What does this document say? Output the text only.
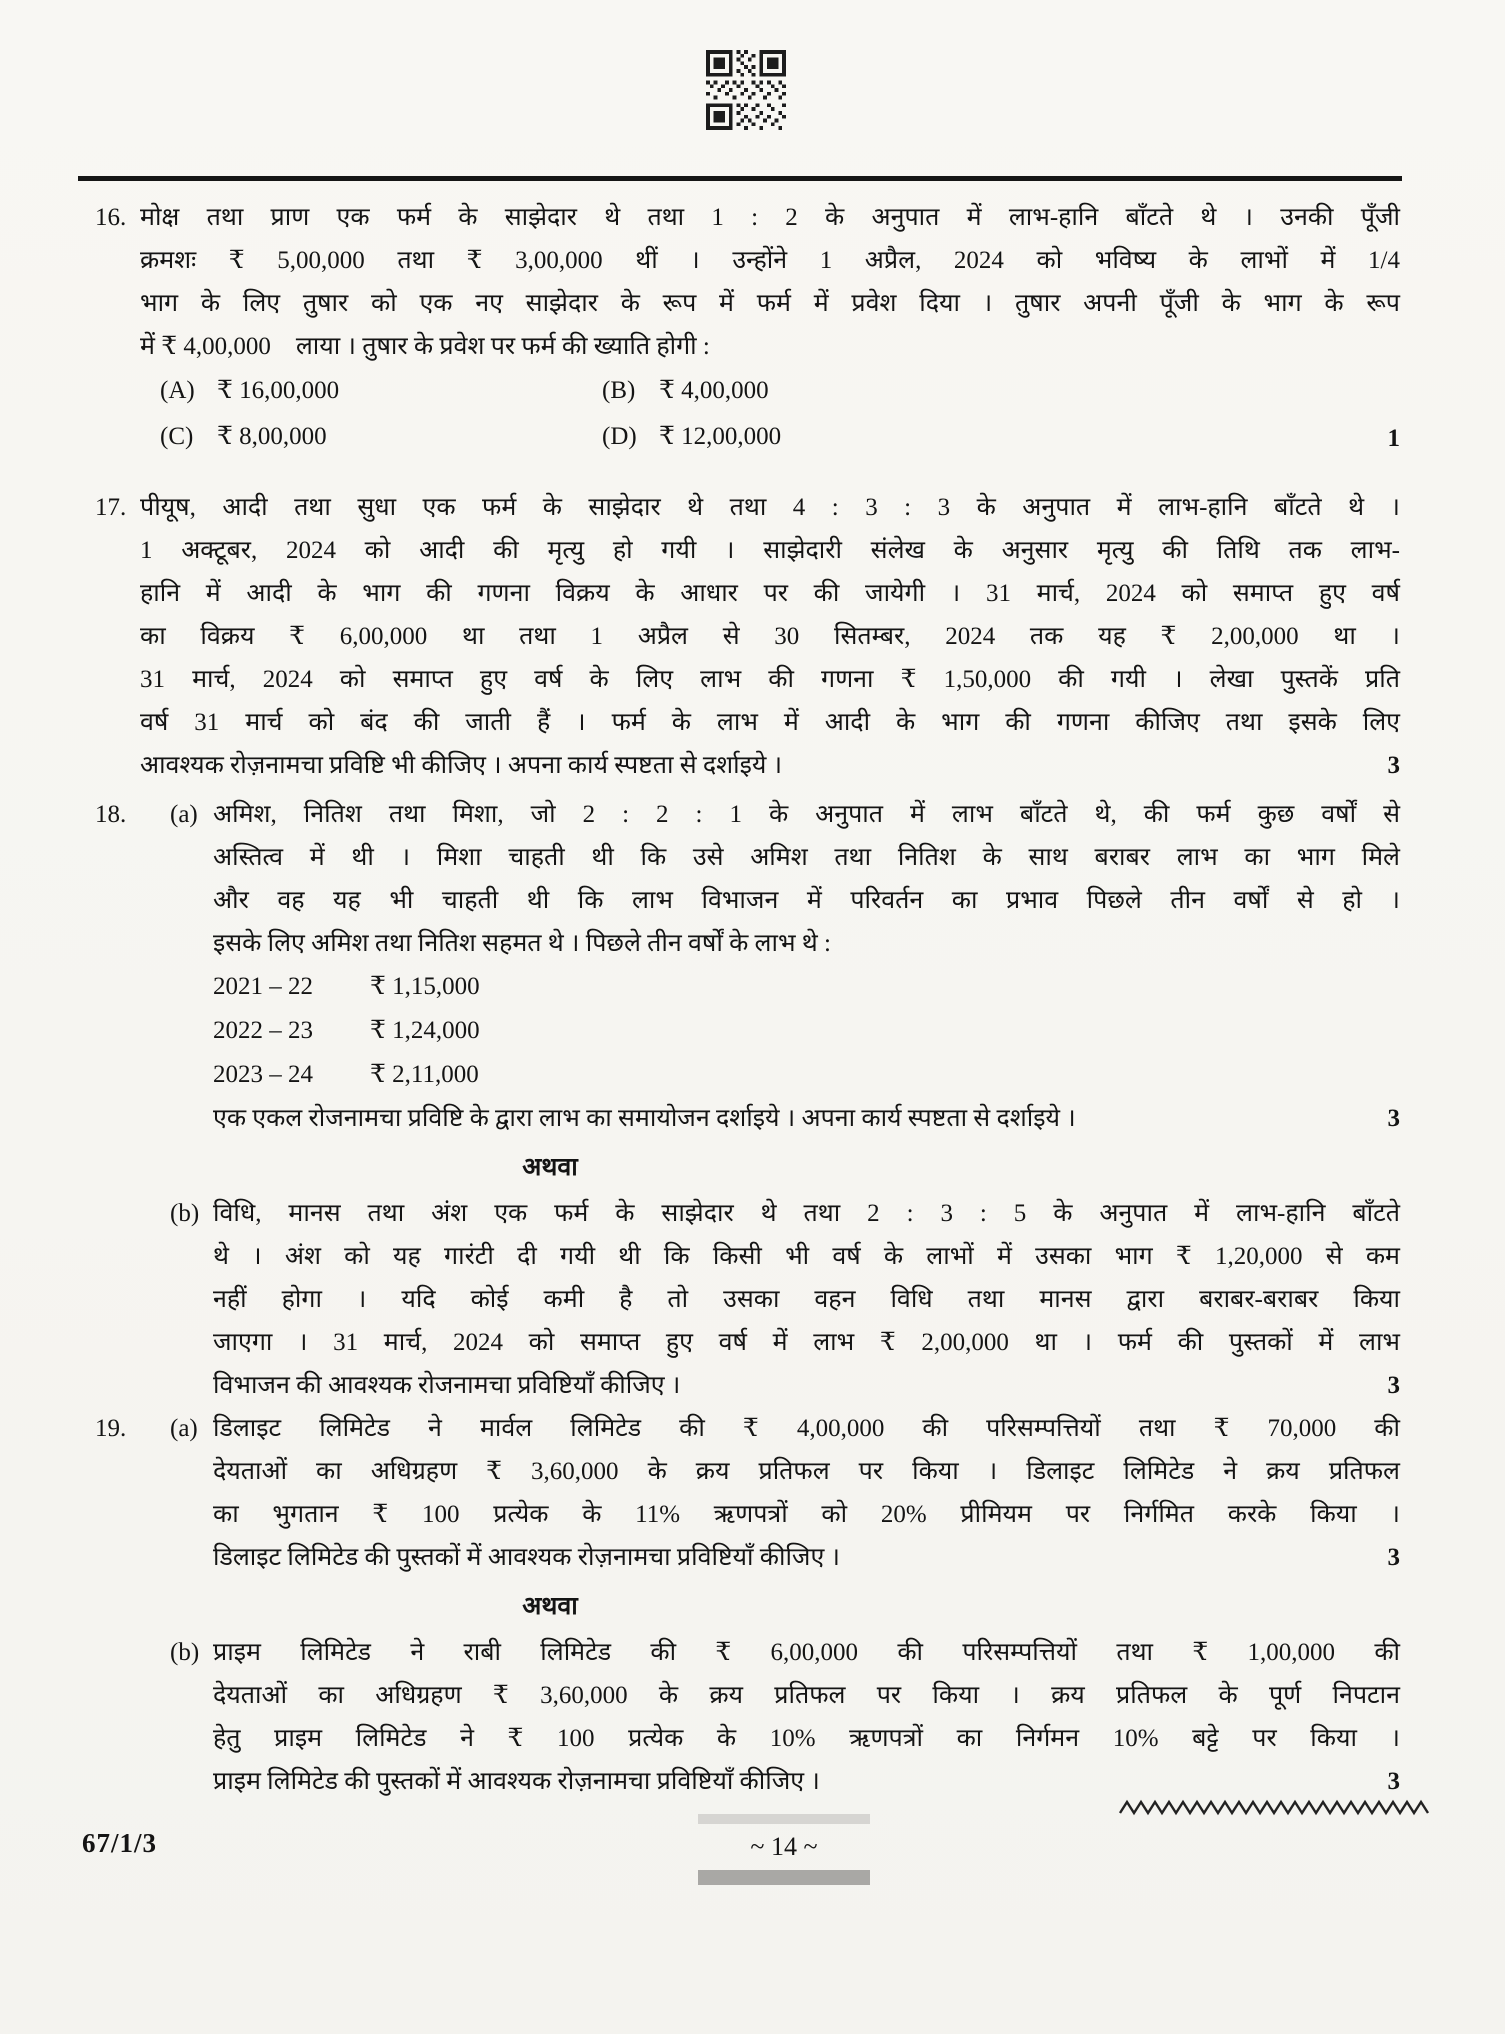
16. मोक्ष तथा प्राण एक फर्म के साझेदार थे तथा 1 : 2 के अनुपात में लाभ-हानि बाँटते थे । उनकी पूँजी
क्रमशः ₹ 5,00,000 तथा ₹ 3,00,000 थीं । उन्होंने 1 अप्रैल, 2024 को भविष्य के लाभों में 1/4
भाग के लिए तुषार को एक नए साझेदार के रूप में फर्म में प्रवेश दिया । तुषार अपनी पूँजी के भाग के रूप
में ₹ 4,00,000    लाया । तुषार के प्रवेश पर फर्म की ख्याति होगी :
(A) ₹ 16,00,000	(B) ₹ 4,00,000
(C) ₹ 8,00,000	(D) ₹ 12,00,000	1
17. पीयूष, आदी तथा सुधा एक फर्म के साझेदार थे तथा 4 : 3 : 3 के अनुपात में लाभ-हानि बाँटते थे ।
1 अक्टूबर, 2024 को आदी की मृत्यु हो गयी । साझेदारी संलेख के अनुसार मृत्यु की तिथि तक लाभ-
हानि में आदी के भाग की गणना विक्रय के आधार पर की जायेगी । 31 मार्च, 2024 को समाप्त हुए वर्ष
का विक्रय ₹ 6,00,000 था तथा 1 अप्रैल से 30 सितम्बर, 2024 तक यह ₹ 2,00,000 था ।
31 मार्च, 2024 को समाप्त हुए वर्ष के लिए लाभ की गणना ₹ 1,50,000 की गयी । लेखा पुस्तकें प्रति
वर्ष 31 मार्च को बंद की जाती हैं । फर्म के लाभ में आदी के भाग की गणना कीजिए तथा इसके लिए
आवश्यक रोज़नामचा प्रविष्टि भी कीजिए । अपना कार्य स्पष्टता से दर्शाइये ।	3
18.	(a) अमिश, नितिश तथा मिशा, जो 2 : 2 : 1 के अनुपात में लाभ बाँटते थे, की फर्म कुछ वर्षों से
अस्तित्व में थी । मिशा चाहती थी कि उसे अमिश तथा नितिश के साथ बराबर लाभ का भाग मिले
और वह यह भी चाहती थी कि लाभ विभाजन में परिवर्तन का प्रभाव पिछले तीन वर्षों से हो ।
इसके लिए अमिश तथा नितिश सहमत थे । पिछले तीन वर्षों के लाभ थे :
2021 – 22	₹ 1,15,000
2022 – 23	₹ 1,24,000
2023 – 24	₹ 2,11,000
एक एकल रोजनामचा प्रविष्टि के द्वारा लाभ का समायोजन दर्शाइये । अपना कार्य स्पष्टता से दर्शाइये ।	3
अथवा
(b) विधि, मानस तथा अंश एक फर्म के साझेदार थे तथा 2 : 3 : 5 के अनुपात में लाभ-हानि बाँटते
थे । अंश को यह गारंटी दी गयी थी कि किसी भी वर्ष के लाभों में उसका भाग ₹ 1,20,000 से कम
नहीं होगा । यदि कोई कमी है तो उसका वहन विधि तथा मानस द्वारा बराबर-बराबर किया
जाएगा । 31 मार्च, 2024 को समाप्त हुए वर्ष में लाभ ₹ 2,00,000 था । फर्म की पुस्तकों में लाभ
विभाजन की आवश्यक रोजनामचा प्रविष्टियाँ कीजिए ।	3
19.	(a) डिलाइट लिमिटेड ने मार्वल लिमिटेड की ₹ 4,00,000 की परिसम्पत्तियों तथा ₹ 70,000 की
देयताओं का अधिग्रहण ₹ 3,60,000 के क्रय प्रतिफल पर किया । डिलाइट लिमिटेड ने क्रय प्रतिफल
का भुगतान ₹ 100 प्रत्येक के 11% ऋणपत्रों को 20% प्रीमियम पर निर्गमित करके किया ।
डिलाइट लिमिटेड की पुस्तकों में आवश्यक रोज़नामचा प्रविष्टियाँ कीजिए ।	3
अथवा
(b) प्राइम लिमिटेड ने राबी लिमिटेड की ₹ 6,00,000 की परिसम्पत्तियों तथा ₹ 1,00,000 की
देयताओं का अधिग्रहण ₹ 3,60,000 के क्रय प्रतिफल पर किया । क्रय प्रतिफल के पूर्ण निपटान
हेतु प्राइम लिमिटेड ने ₹ 100 प्रत्येक के 10% ऋणपत्रों का निर्गमन 10% बट्टे पर किया ।
प्राइम लिमिटेड की पुस्तकों में आवश्यक रोज़नामचा प्रविष्टियाँ कीजिए ।	3
67/1/3	~ 14 ~
